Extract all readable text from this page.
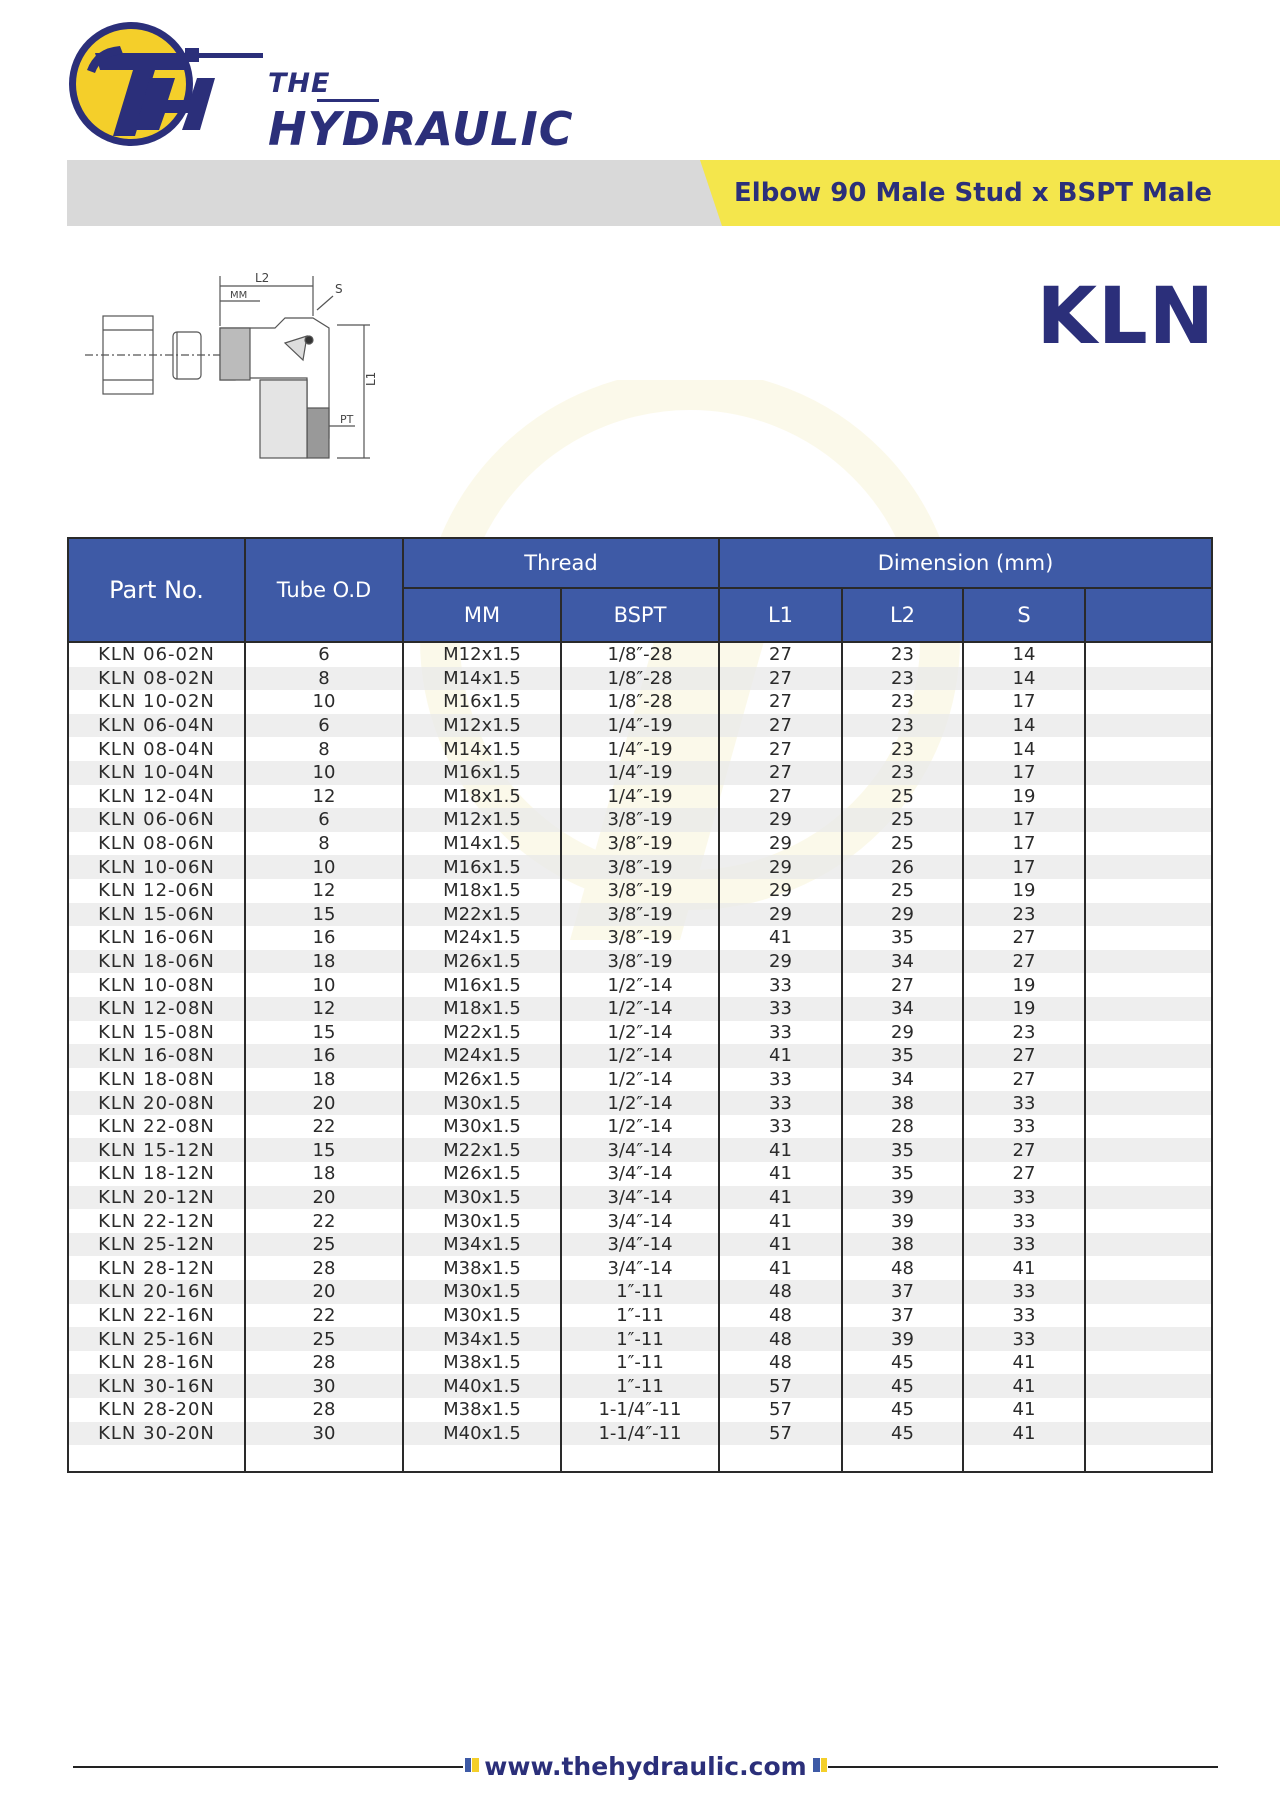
THE
HYDRAULIC
Elbow 90 Male Stud x BSPT Male
KLN
L2
MM	S
L1
PT
Part No.	Tube O.D	Thread		Dimension (mm)			
		MM	BSPT	L1	L2	S	
KLN 06-02N	6	M12x1.5	1/8″-28	27	23	14	
KLN 08-02N	8	M14x1.5	1/8″-28	27	23	14	
KLN 10-02N	10	M16x1.5	1/8″-28	27	23	17	
KLN 06-04N	6	M12x1.5	1/4″-19	27	23	14	
KLN 08-04N	8	M14x1.5	1/4″-19	27	23	14	
KLN 10-04N	10	M16x1.5	1/4″-19	27	23	17	
KLN 12-04N	12	M18x1.5	1/4″-19	27	25	19	
KLN 06-06N	6	M12x1.5	3/8″-19	29	25	17	
KLN 08-06N	8	M14x1.5	3/8″-19	29	25	17	
KLN 10-06N	10	M16x1.5	3/8″-19	29	26	17	
KLN 12-06N	12	M18x1.5	3/8″-19	29	25	19	
KLN 15-06N	15	M22x1.5	3/8″-19	29	29	23	
KLN 16-06N	16	M24x1.5	3/8″-19	41	35	27	
KLN 18-06N	18	M26x1.5	3/8″-19	29	34	27	
KLN 10-08N	10	M16x1.5	1/2″-14	33	27	19	
KLN 12-08N	12	M18x1.5	1/2″-14	33	34	19	
KLN 15-08N	15	M22x1.5	1/2″-14	33	29	23	
KLN 16-08N	16	M24x1.5	1/2″-14	41	35	27	
KLN 18-08N	18	M26x1.5	1/2″-14	33	34	27	
KLN 20-08N	20	M30x1.5	1/2″-14	33	38	33	
KLN 22-08N	22	M30x1.5	1/2″-14	33	28	33	
KLN 15-12N	15	M22x1.5	3/4″-14	41	35	27	
KLN 18-12N	18	M26x1.5	3/4″-14	41	35	27	
KLN 20-12N	20	M30x1.5	3/4″-14	41	39	33	
KLN 22-12N	22	M30x1.5	3/4″-14	41	39	33	
KLN 25-12N	25	M34x1.5	3/4″-14	41	38	33	
KLN 28-12N	28	M38x1.5	3/4″-14	41	48	41	
KLN 20-16N	20	M30x1.5	1″-11	48	37	33	
KLN 22-16N	22	M30x1.5	1″-11	48	37	33	
KLN 25-16N	25	M34x1.5	1″-11	48	39	33	
KLN 28-16N	28	M38x1.5	1″-11	48	45	41	
KLN 30-16N	30	M40x1.5	1″-11	57	45	41	
KLN 28-20N	28	M38x1.5	1-1/4″-11	57	45	41	
KLN 30-20N	30	M40x1.5	1-1/4″-11	57	45	41	

www.thehydraulic.com
